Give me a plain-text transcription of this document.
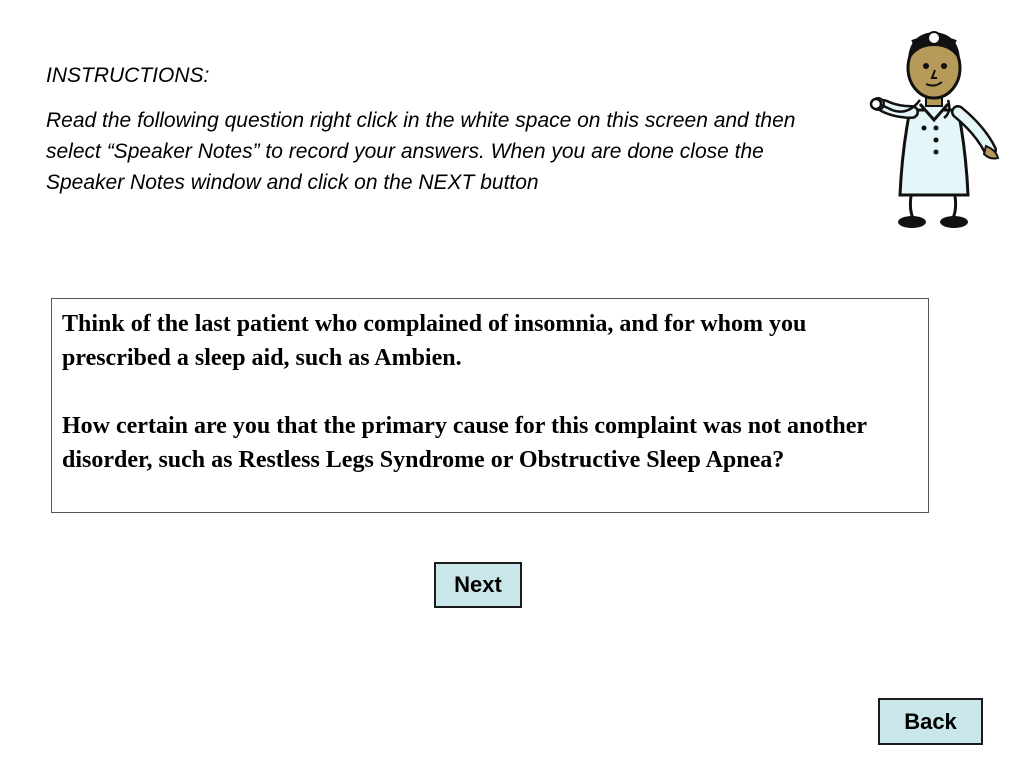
INSTRUCTIONS:

Read the following question right click in the white space on this screen and then select “Speaker Notes” to record your answers. When you are done close the Speaker Notes window and click on the NEXT button

Think of the last patient who complained of insomnia, and for whom you prescribed a sleep aid, such as Ambien.

How certain are you that the primary cause for this complaint was not another disorder, such as Restless Legs Syndrome or Obstructive Sleep Apnea?

Next
Back
